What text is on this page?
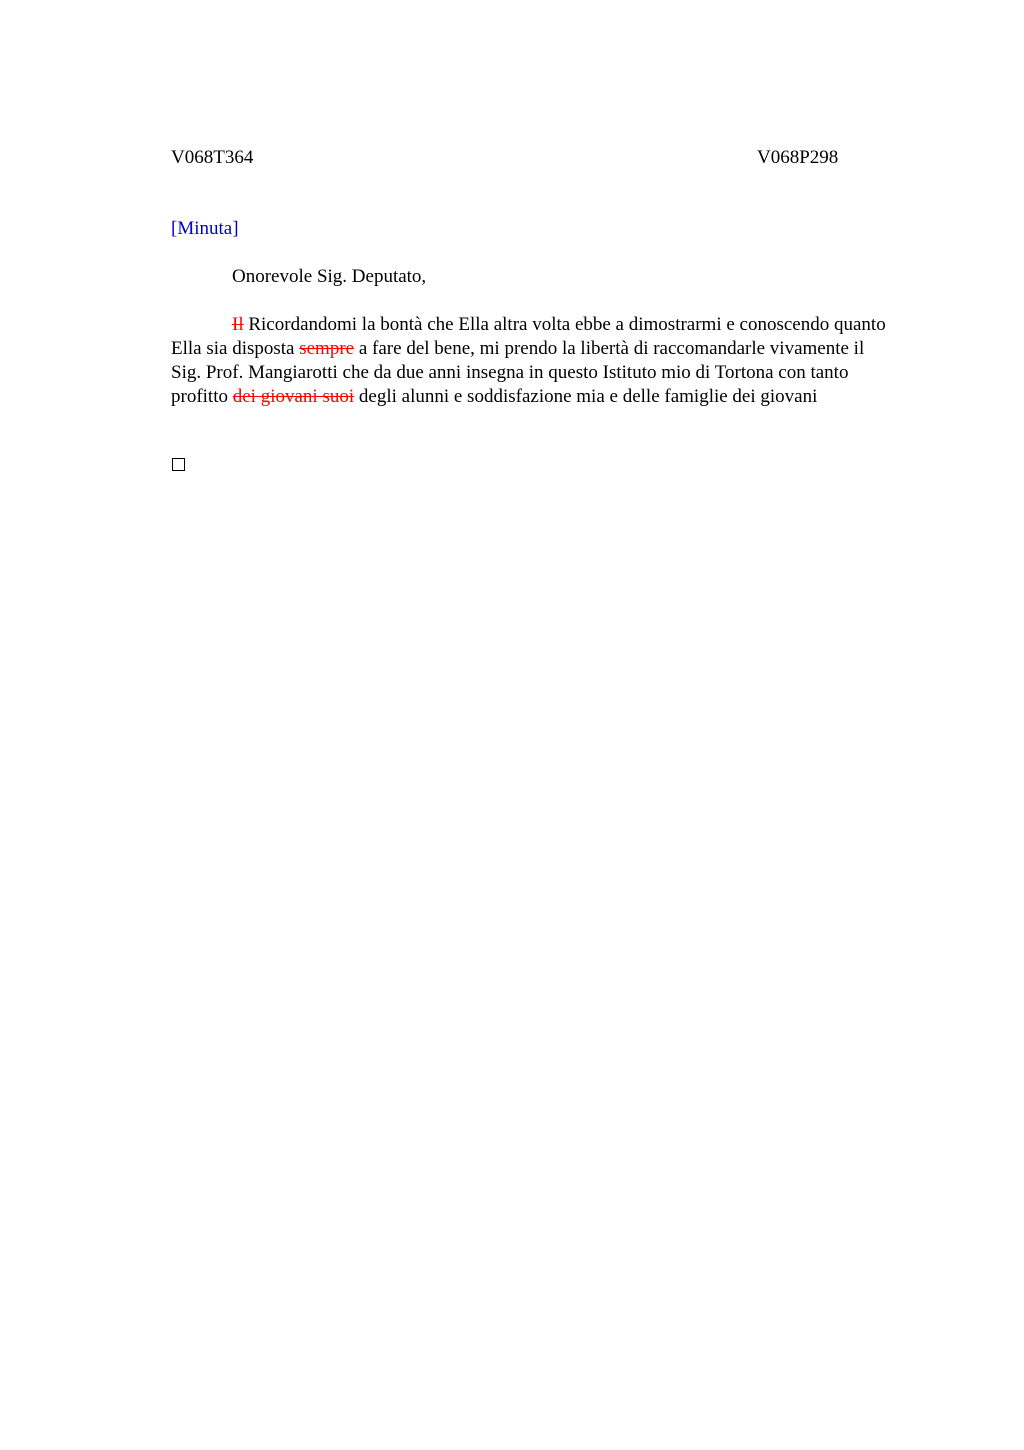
V068T364	V068P298
[Minuta]
Onorevole Sig. Deputato,

Il Ricordandomi la bontà che Ella altra volta ebbe a dimostrarmi e conoscendo quanto Ella sia disposta sempre a fare del bene, mi prendo la libertà di raccomandarle vivamente il Sig. Prof. Mangiarotti che da due anni insegna in questo Istituto mio di Tortona con tanto profitto dei giovani suoi degli alunni e soddisfazione mia e delle famiglie dei giovani
